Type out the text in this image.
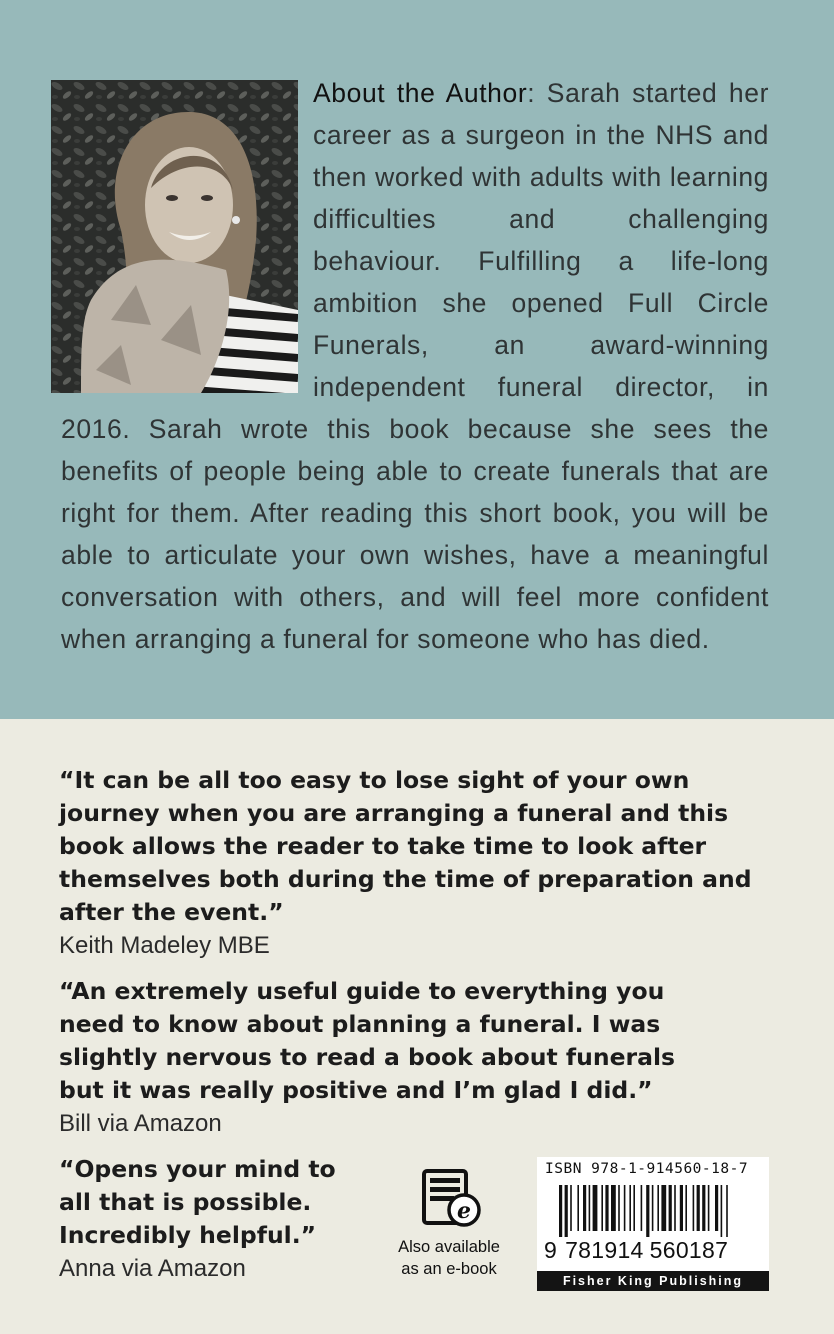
About the Author: Sarah started her career as a surgeon in the NHS and then worked with adults with learning difficulties and challenging behaviour. Fulfilling a life-long ambition she opened Full Circle Funerals, an award-winning independent funeral director, in 2016. Sarah wrote this book because she sees the benefits of people being able to create funerals that are right for them. After reading this short book, you will be able to articulate your own wishes, have a meaningful conversation with others, and will feel more confident when arranging a funeral for someone who has died.

“It can be all too easy to lose sight of your own journey when you are arranging a funeral and this book allows the reader to take time to look after themselves both during the time of preparation and after the event.”

Keith Madeley MBE

“An extremely useful guide to everything you need to know about planning a funeral. I was slightly nervous to read a book about funerals but it was really positive and I’m glad I did.”

Bill via Amazon

“Opens your mind to all that is possible. Incredibly helpful.”

Anna via Amazon

e
Also available
as an e-book
ISBN 978-1-914560-18-7
9 781914 560187
Fisher King Publishing
